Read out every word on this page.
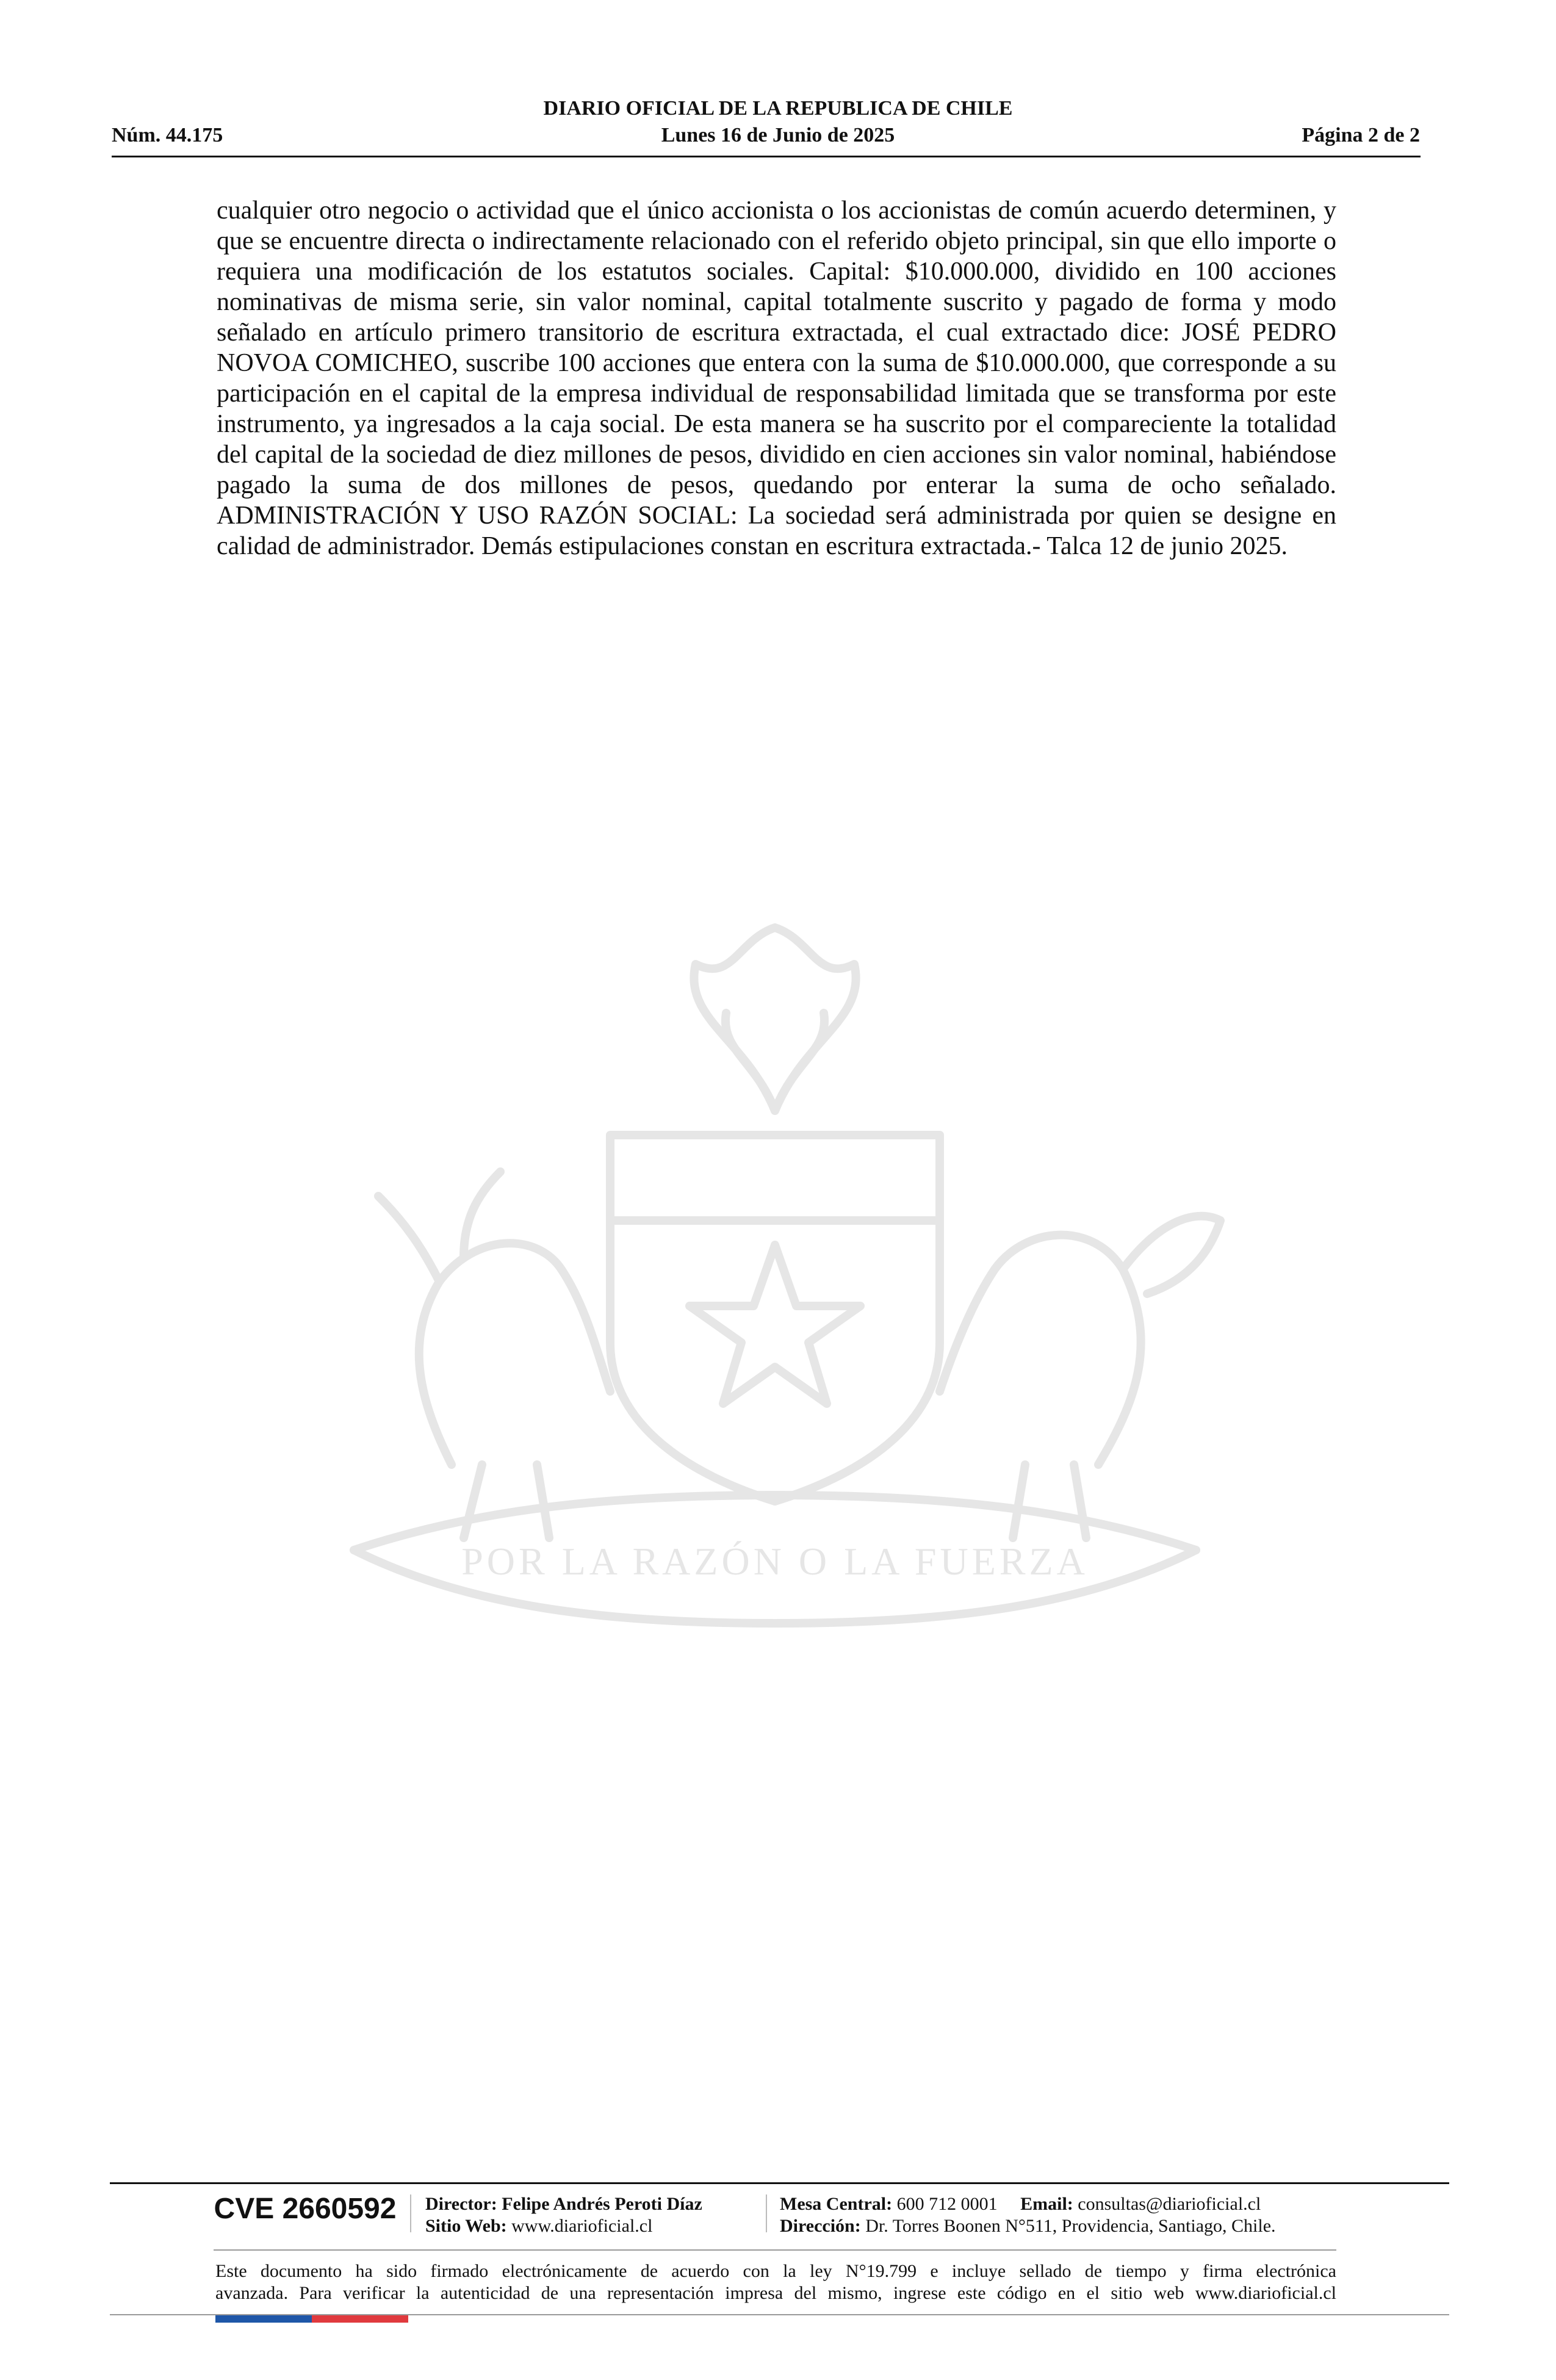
DIARIO OFICIAL DE LA REPUBLICA DE CHILE
Núm. 44.175	Lunes 16 de Junio de 2025	Página 2 de 2
POR LA RAZÓN O LA FUERZA
cualquier otro negocio o actividad que el único accionista o los accionistas de común acuerdo determinen, y que se encuentre directa o indirectamente relacionado con el referido objeto principal, sin que ello importe o requiera una modificación de los estatutos sociales. Capital: $10.000.000, dividido en 100 acciones nominativas de misma serie, sin valor nominal, capital totalmente suscrito y pagado de forma y modo señalado en artículo primero transitorio de escritura extractada, el cual extractado dice: JOSÉ PEDRO NOVOA COMICHEO, suscribe 100 acciones que entera con la suma de $10.000.000, que corresponde a su participación en el capital de la empresa individual de responsabilidad limitada que se transforma por este instrumento, ya ingresados a la caja social. De esta manera se ha suscrito por el compareciente la totalidad del capital de la sociedad de diez millones de pesos, dividido en cien acciones sin valor nominal, habiéndose pagado la suma de dos millones de pesos, quedando por enterar la suma de ocho señalado. ADMINISTRACIÓN Y USO RAZÓN SOCIAL: La sociedad será administrada por quien se designe en calidad de administrador. Demás estipulaciones constan en escritura extractada.- Talca 12 de junio 2025.
CVE 2660592	Director: Felipe Andrés Peroti Díaz
Sitio Web: www.diarioficial.cl
Mesa Central: 600 712 0001 Email: consultas@diarioficial.cl
Dirección: Dr. Torres Boonen N°511, Providencia, Santiago, Chile.
Este documento ha sido firmado electrónicamente de acuerdo con la ley N°19.799 e incluye sellado de tiempo y firma electrónica
avanzada. Para verificar la autenticidad de una representación impresa del mismo, ingrese este código en el sitio web www.diarioficial.cl
